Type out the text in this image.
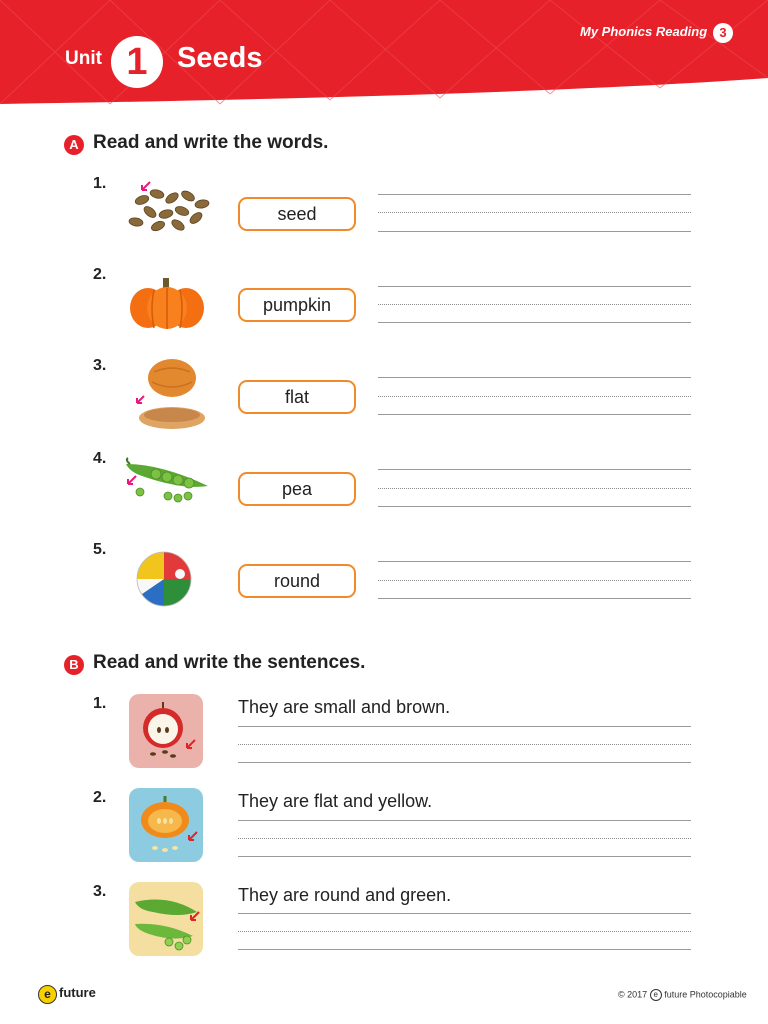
Unit 1	Seeds
My Phonics Reading 3
A Read and write the words.
1.
seed
2.
pumpkin
3.
flat
4.
pea
5.
round
B Read and write the sentences.
1.	They are small and brown.
2.	They are flat and yellow.
3.	They are round and green.
e future	© 2017 e future Photocopiable
